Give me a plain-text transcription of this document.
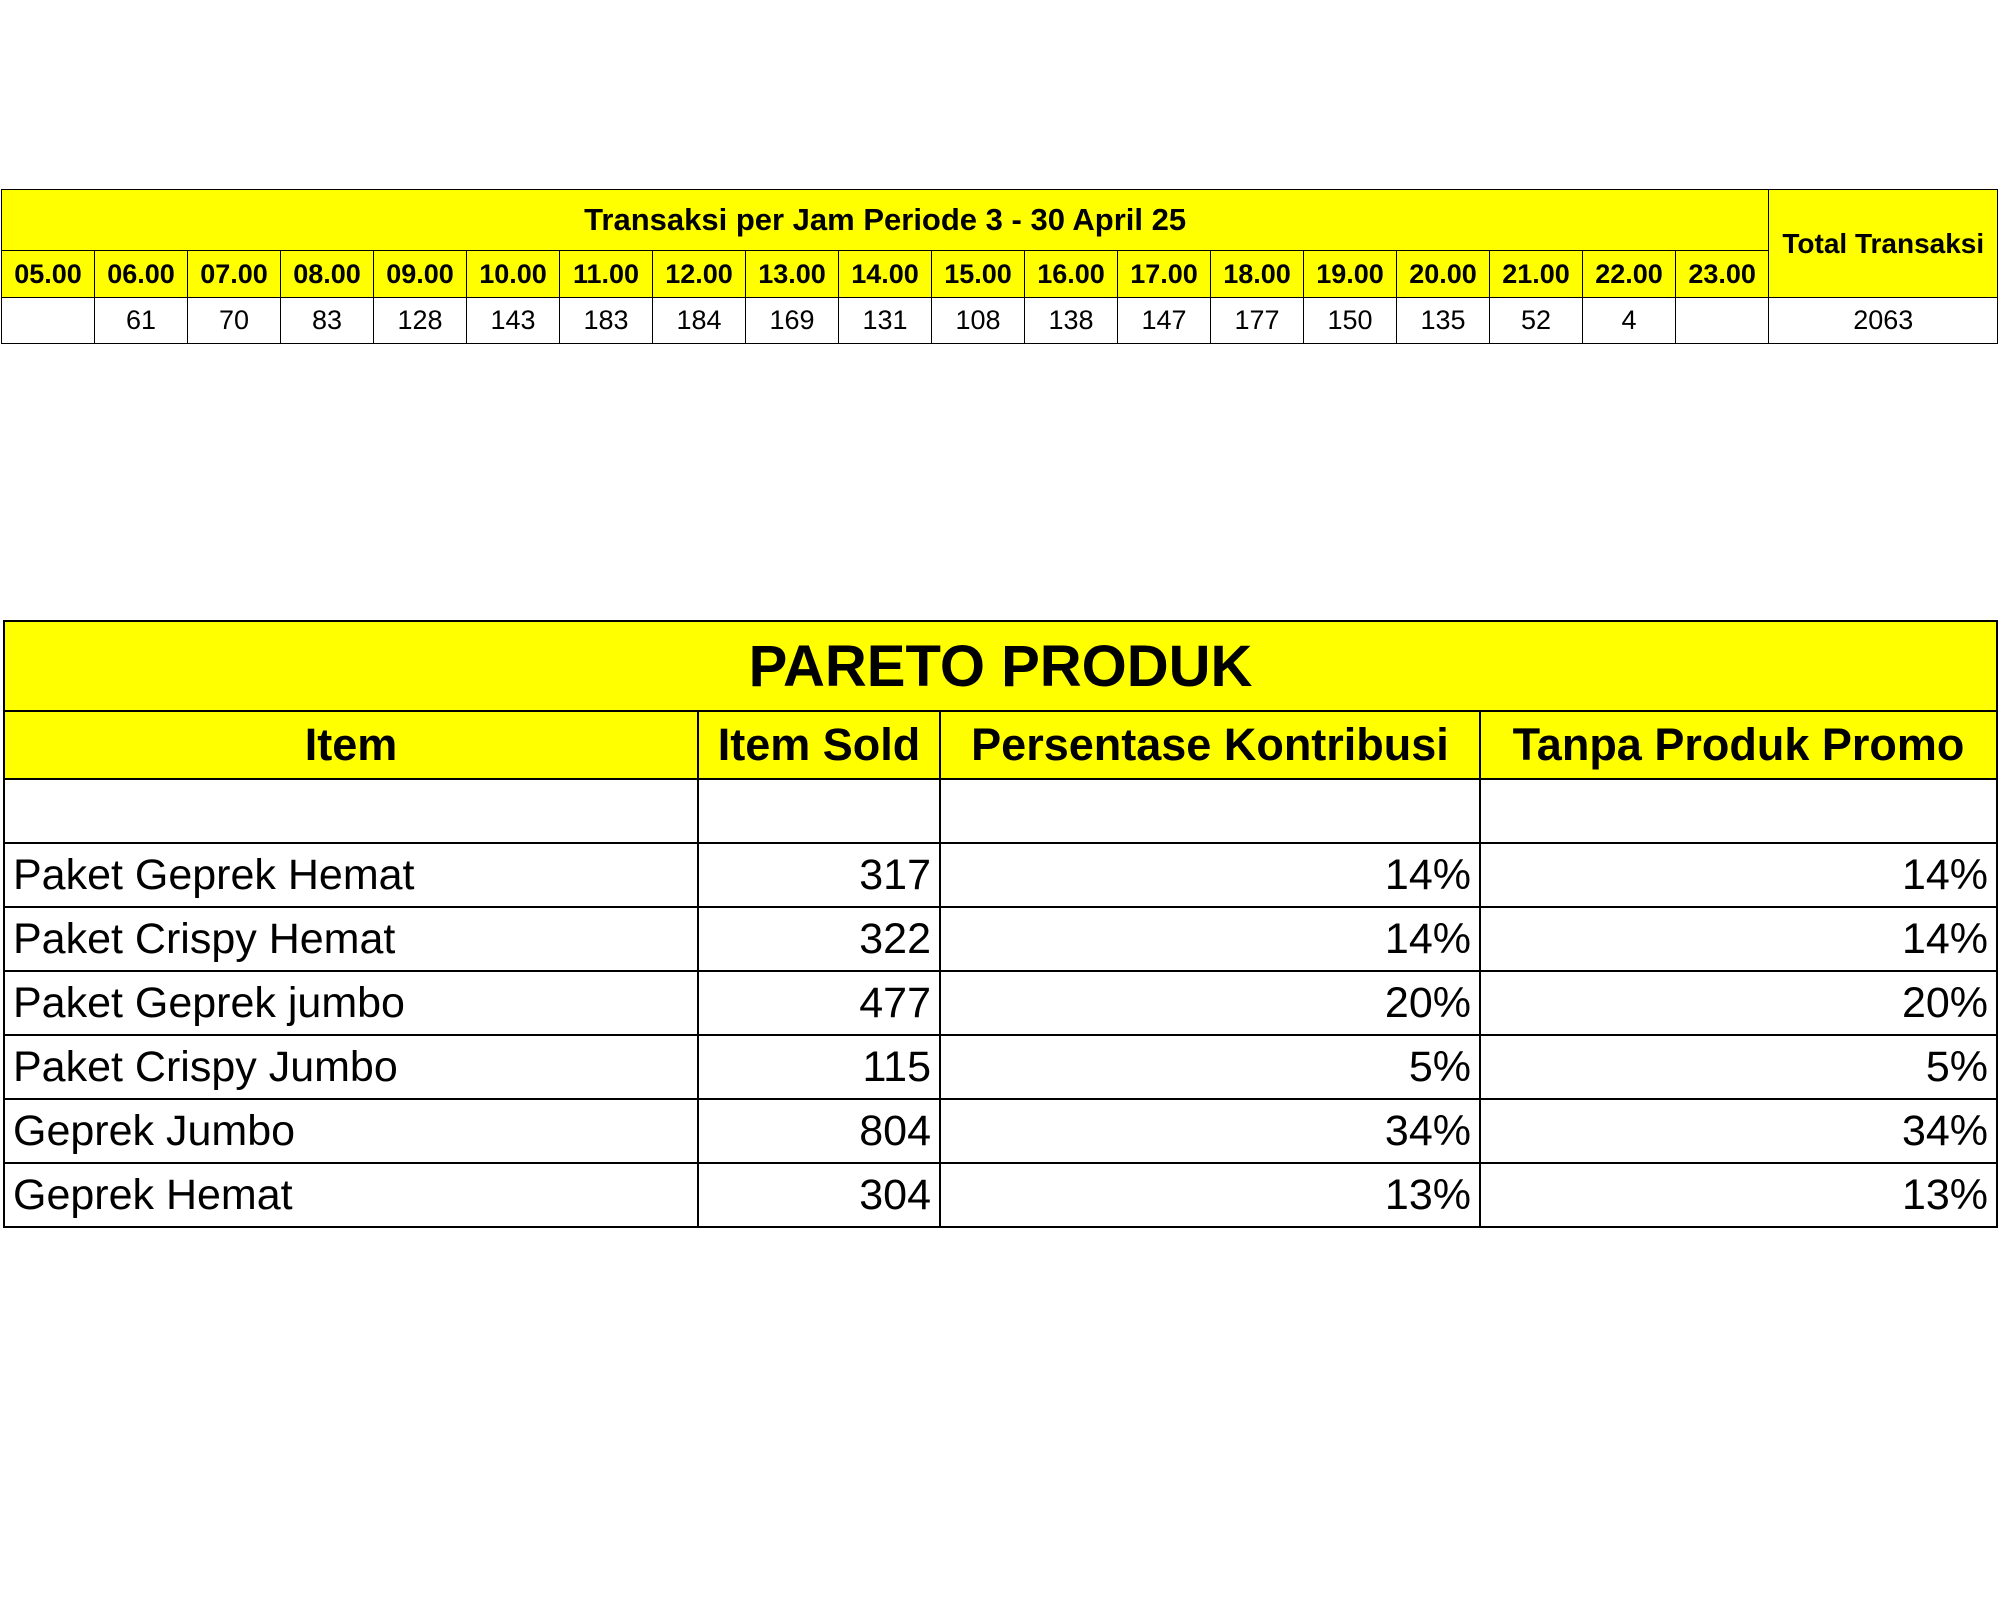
Transaksi per Jam Periode 3 - 30 April 25																			Total Transaksi
05.00	06.00	07.00	08.00	09.00	10.00	11.00	12.00	13.00	14.00	15.00	16.00	17.00	18.00	19.00	20.00	21.00	22.00	23.00	
	61	70	83	128	143	183	184	169	131	108	138	147	177	150	135	52	4		2063
PARETO PRODUK			
Item	Item Sold	Persentase Kontribusi	Tanpa Produk Promo

Paket Geprek Hemat	317	14%	14%
Paket Crispy Hemat	322	14%	14%
Paket Geprek jumbo	477	20%	20%
Paket Crispy Jumbo	115	5%	5%
Geprek Jumbo	804	34%	34%
Geprek Hemat	304	13%	13%
